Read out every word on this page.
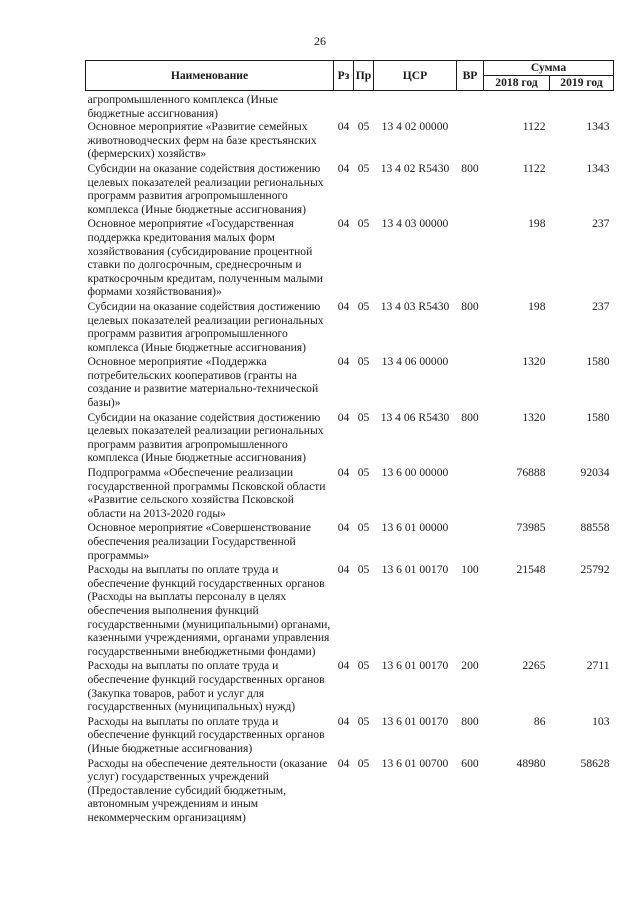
26
Наименование	Рз	Пр	ЦСР	ВР	Сумма	
					2018 год	2019 год
агропромышленного комплекса (Иные бюджетные ассигнования)						
Основное мероприятие «Развитие семейных животноводческих ферм на базе крестьянских (фермерских) хозяйств»	04	05	13 4 02 00000		1122	1343
Субсидии на оказание содействия достижению целевых показателей реализации региональных программ развития агропромышленного комплекса (Иные бюджетные ассигнования)	04	05	13 4 02 R5430	800	1122	1343
Основное мероприятие «Государственная поддержка кредитования малых форм хозяйствования (субсидирование процентной ставки по долгосрочным, среднесрочным и краткосрочным кредитам, полученным малыми формами хозяйствования)»	04	05	13 4 03 00000		198	237
Субсидии на оказание содействия достижению целевых показателей реализации региональных программ развития агропромышленного комплекса (Иные бюджетные ассигнования)	04	05	13 4 03 R5430	800	198	237
Основное мероприятие «Поддержка потребительских кооперативов (гранты на создание и развитие материально-технической базы)»	04	05	13 4 06 00000		1320	1580
Субсидии на оказание содействия достижению целевых показателей реализации региональных программ развития агропромышленного комплекса (Иные бюджетные ассигнования)	04	05	13 4 06 R5430	800	1320	1580
Подпрограмма «Обеспечение реализации государственной программы Псковской области «Развитие сельского хозяйства Псковской области на 2013-2020 годы»	04	05	13 6 00 00000		76888	92034
Основное мероприятие «Совершенствование обеспечения реализации Государственной программы»	04	05	13 6 01 00000		73985	88558
Расходы на выплаты по оплате труда и обеспечение функций государственных органов (Расходы на выплаты персоналу в целях обеспечения выполнения функций государственными (муниципальными) органами, казенными учреждениями, органами управления государственными внебюджетными фондами)	04	05	13 6 01 00170	100	21548	25792
Расходы на выплаты по оплате труда и обеспечение функций государственных органов (Закупка товаров, работ и услуг для государственных (муниципальных) нужд)	04	05	13 6 01 00170	200	2265	2711
Расходы на выплаты по оплате труда и обеспечение функций государственных органов (Иные бюджетные ассигнования)	04	05	13 6 01 00170	800	86	103
Расходы на обеспечение деятельности (оказание услуг) государственных учреждений (Предоставление субсидий бюджетным, автономным учреждениям и иным некоммерческим организациям)	04	05	13 6 01 00700	600	48980	58628
